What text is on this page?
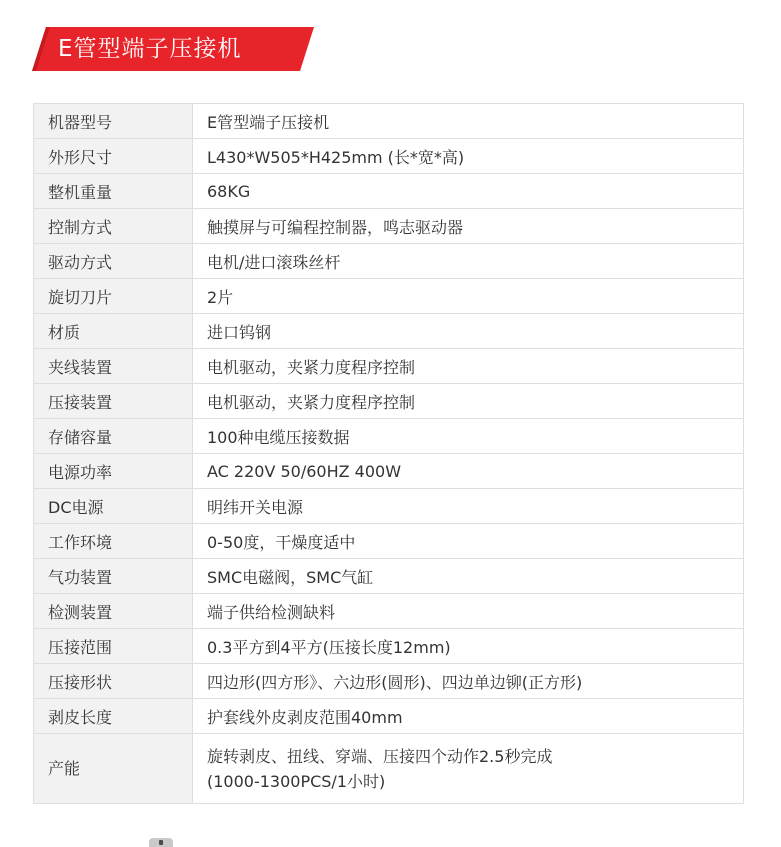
E管型端子压接机
机器型号	E管型端子压接机

外形尺寸	L430*W505*H425mm (长*宽*高)

整机重量	68KG

控制方式	触摸屏与可编程控制器，鸣志驱动器

驱动方式	电机/进口滚珠丝杆

旋切刀片	2片

材质	进口钨钢

夹线装置	电机驱动，夹紧力度程序控制

压接装置	电机驱动，夹紧力度程序控制

存储容量	100种电缆压接数据

电源功率	AC 220V 50/60HZ 400W

DC电源	明纬开关电源

工作环境	0-50度，干燥度适中

气功装置	SMC电磁阀，SMC气缸

检测装置	端子供给检测缺料

压接范围	0.3平方到4平方(压接长度12mm)

压接形状	四边形(四方形》、六边形(圆形)、四边单边铆(正方形)

剥皮长度	护套线外皮剥皮范围40mm

产能	旋转剥皮、扭线、穿端、压接四个动作2.5秒完成
(1000-1300PCS/1小时)
